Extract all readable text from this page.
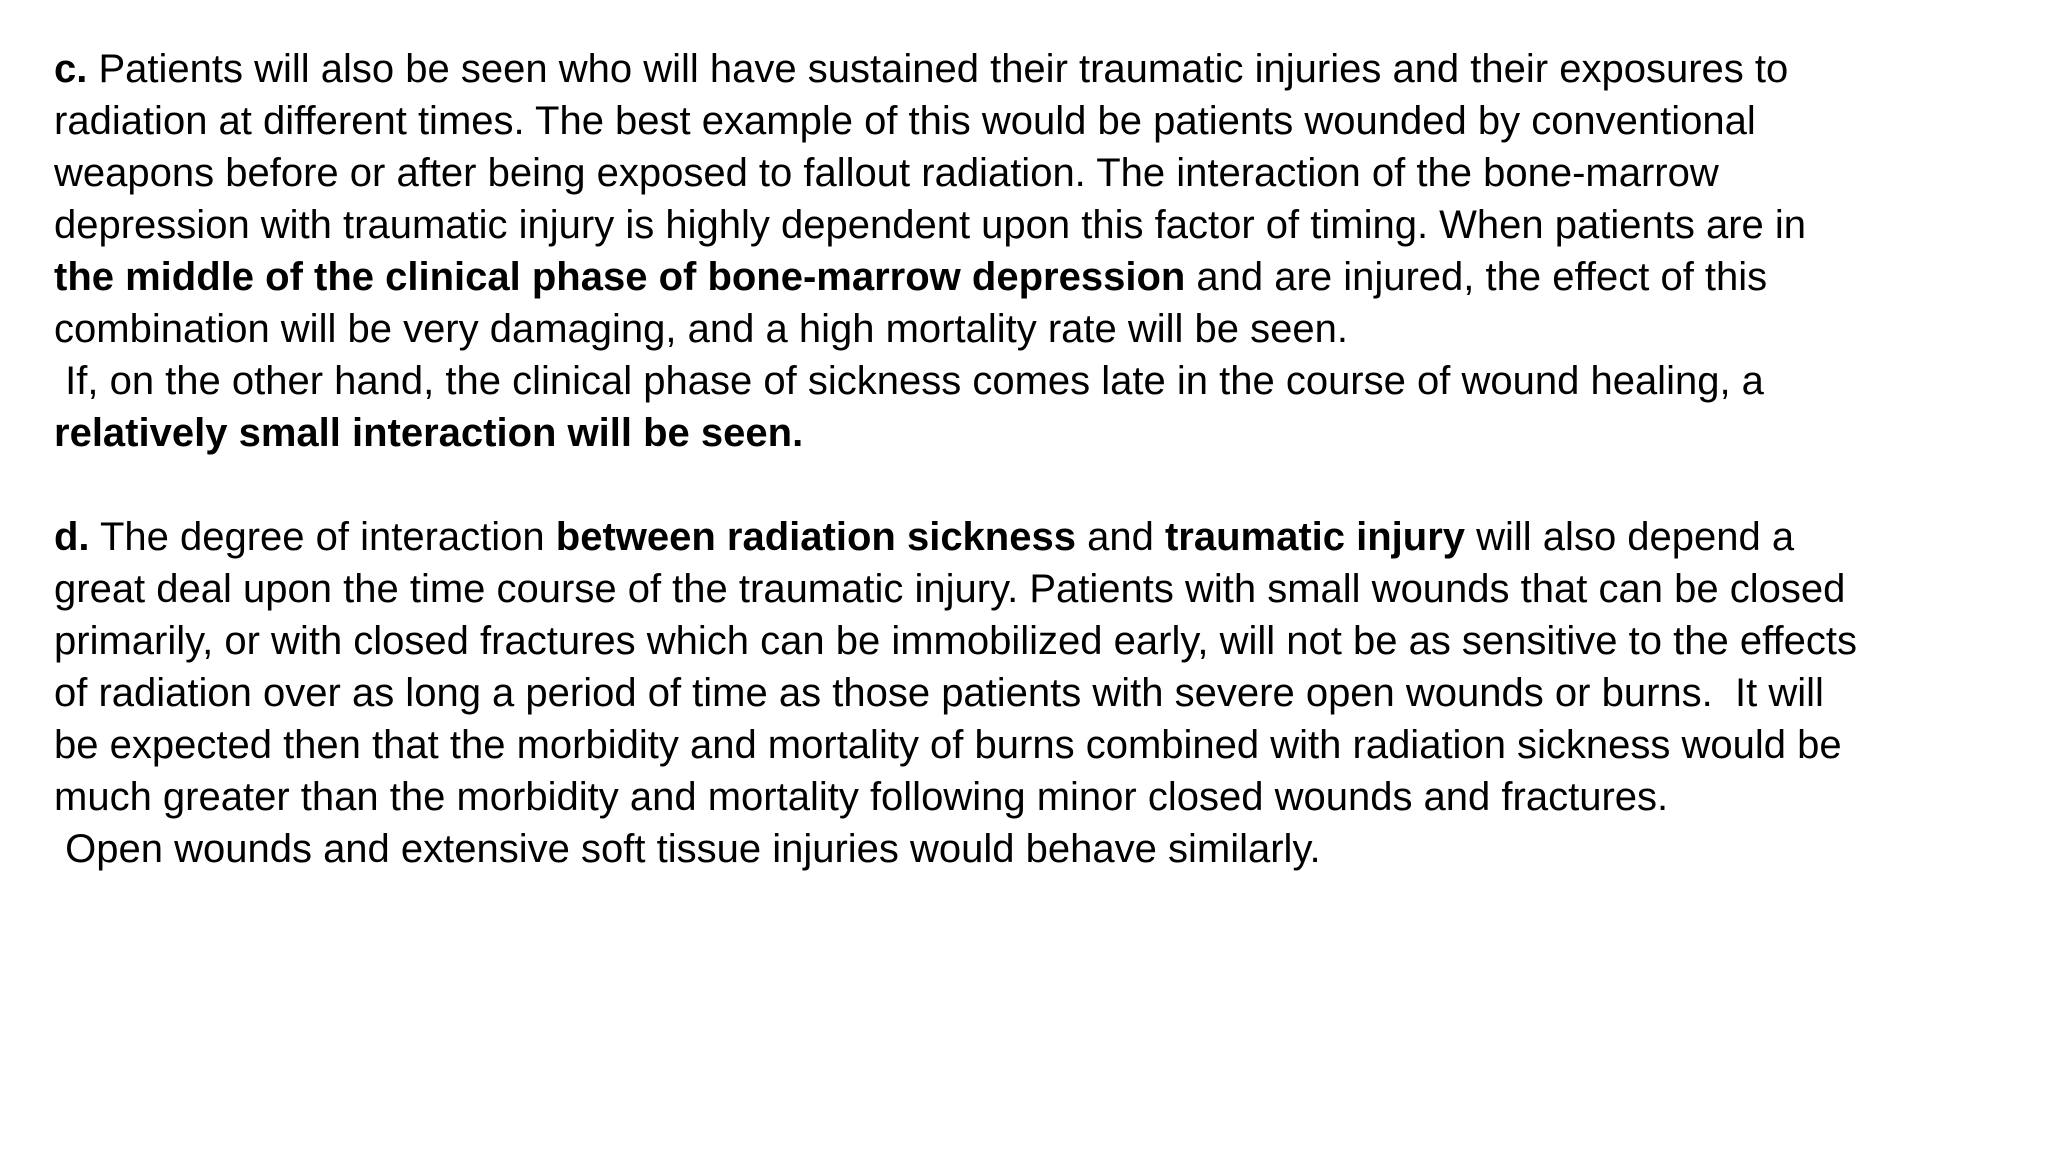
c. Patients will also be seen who will have sustained their traumatic injuries and their exposures to
radiation at different times. The best example of this would be patients wounded by conventional
weapons before or after being exposed to fallout radiation. The interaction of the bone-marrow
depression with traumatic injury is highly dependent upon this factor of timing. When patients are in
the middle of the clinical phase of bone-marrow depression and are injured, the effect of this
combination will be very damaging, and a high mortality rate will be seen.
If, on the other hand, the clinical phase of sickness comes late in the course of wound healing, a
relatively small interaction will be seen.

d. The degree of interaction between radiation sickness and traumatic injury will also depend a
great deal upon the time course of the traumatic injury. Patients with small wounds that can be closed
primarily, or with closed fractures which can be immobilized early, will not be as sensitive to the effects
of radiation over as long a period of time as those patients with severe open wounds or burns.  It will
be expected then that the morbidity and mortality of burns combined with radiation sickness would be
much greater than the morbidity and mortality following minor closed wounds and fractures.
Open wounds and extensive soft tissue injuries would behave similarly.
